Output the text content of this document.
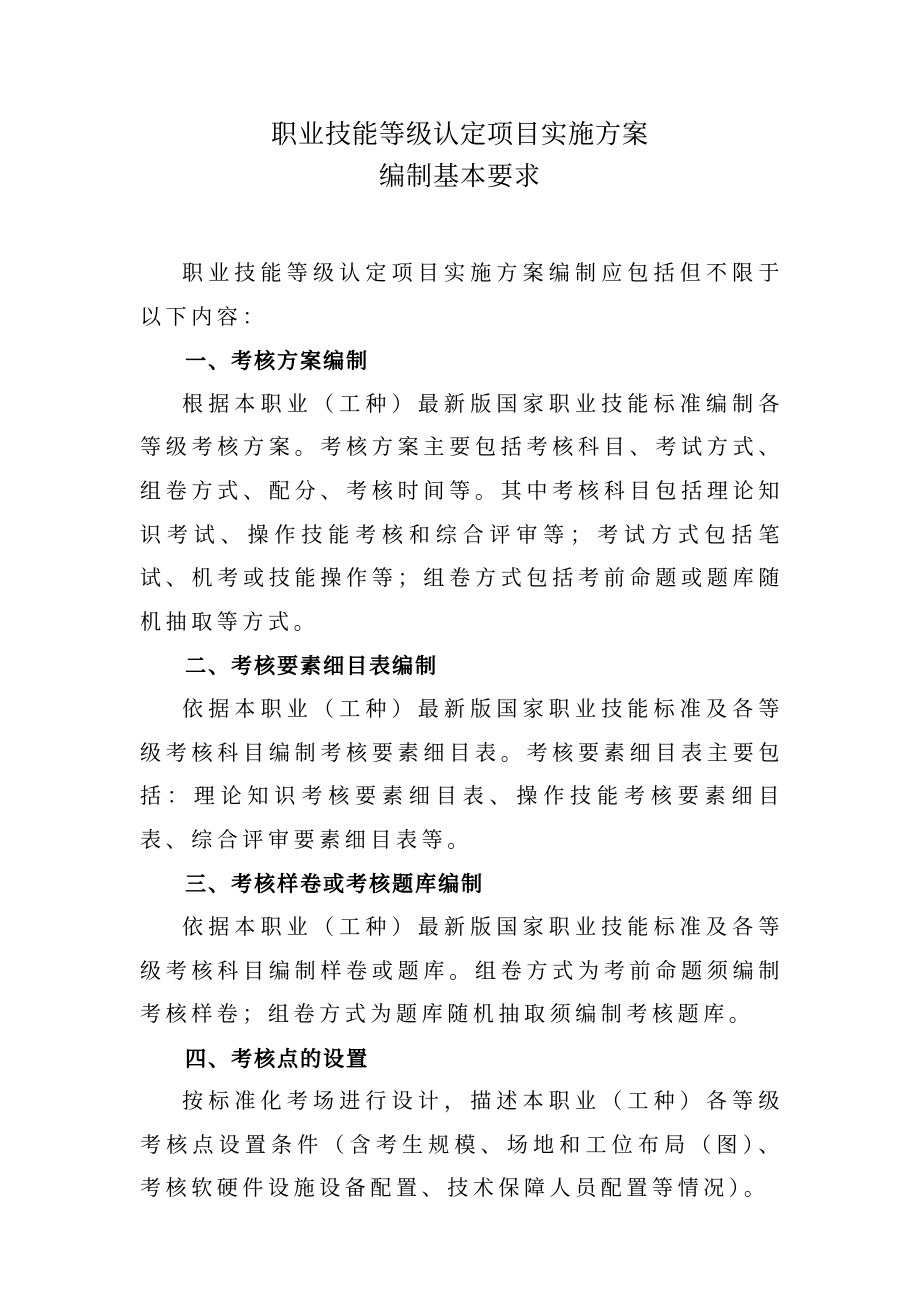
职业技能等级认定项目实施方案
编制基本要求

职业技能等级认定项目实施方案编制应包括但不限于以下内容：

一、考核方案编制

根据本职业（工种）最新版国家职业技能标准编制各等级考核方案。考核方案主要包括考核科目、考试方式、组卷方式、配分、考核时间等。其中考核科目包括理论知识考试、操作技能考核和综合评审等；考试方式包括笔试、机考或技能操作等；组卷方式包括考前命题或题库随机抽取等方式。

二、考核要素细目表编制

依据本职业（工种）最新版国家职业技能标准及各等级考核科目编制考核要素细目表。考核要素细目表主要包括：理论知识考核要素细目表、操作技能考核要素细目表、综合评审要素细目表等。

三、考核样卷或考核题库编制

依据本职业（工种）最新版国家职业技能标准及各等级考核科目编制样卷或题库。组卷方式为考前命题须编制考核样卷；组卷方式为题库随机抽取须编制考核题库。

四、考核点的设置

按标准化考场进行设计，描述本职业（工种）各等级考核点设置条件（含考生规模、场地和工位布局（图）、考核软硬件设施设备配置、技术保障人员配置等情况）。
